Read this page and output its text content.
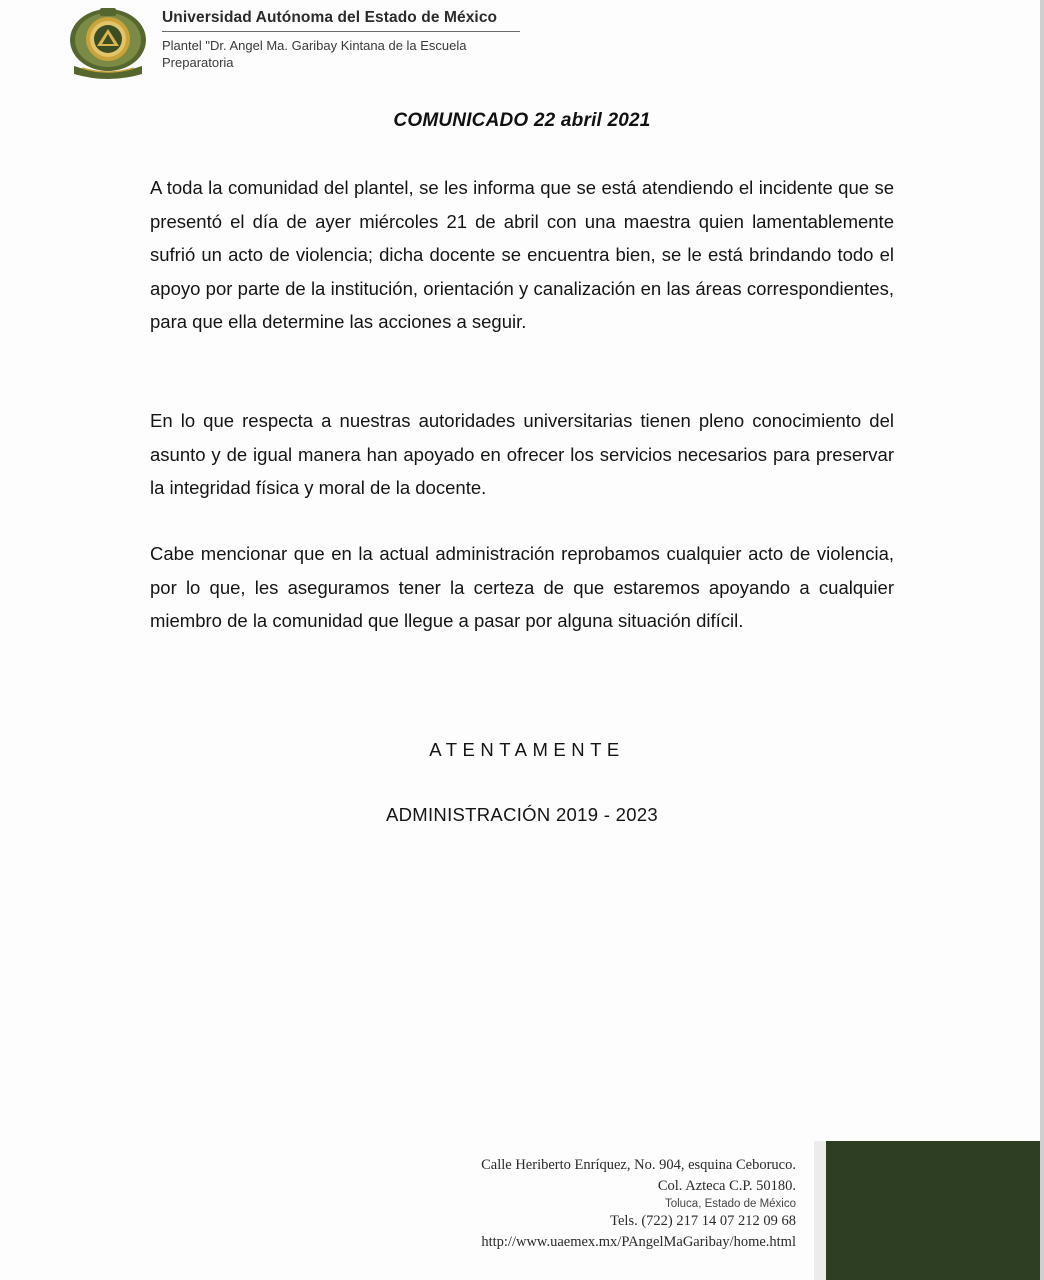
Universidad Autónoma del Estado de México
Plantel "Dr. Angel Ma. Garibay Kintana de la Escuela Preparatoria
COMUNICADO 22 abril 2021
A toda la comunidad del plantel, se les informa que se está atendiendo el incidente que se presentó el día de ayer miércoles 21 de abril con una maestra quien lamentablemente sufrió un acto de violencia; dicha docente se encuentra bien, se le está brindando todo el apoyo por parte de la institución, orientación y canalización en las áreas correspondientes, para que ella determine las acciones a seguir.
En lo que respecta a nuestras autoridades universitarias tienen pleno conocimiento del asunto y de igual manera han apoyado en ofrecer los servicios necesarios para preservar la integridad física y moral de la docente.
Cabe mencionar que en la actual administración reprobamos cualquier acto de violencia, por lo que, les aseguramos tener la certeza de que estaremos apoyando a cualquier miembro de la comunidad que llegue a pasar por alguna situación difícil.
ATENTAMENTE
ADMINISTRACIÓN 2019 - 2023
Calle Heriberto Enríquez, No. 904, esquina Ceboruco.
Col. Azteca C.P. 50180.
Toluca, Estado de México
Tels. (722) 217 14 07 212 09 68
http://www.uaemex.mx/PAngelMaGaribay/home.html
